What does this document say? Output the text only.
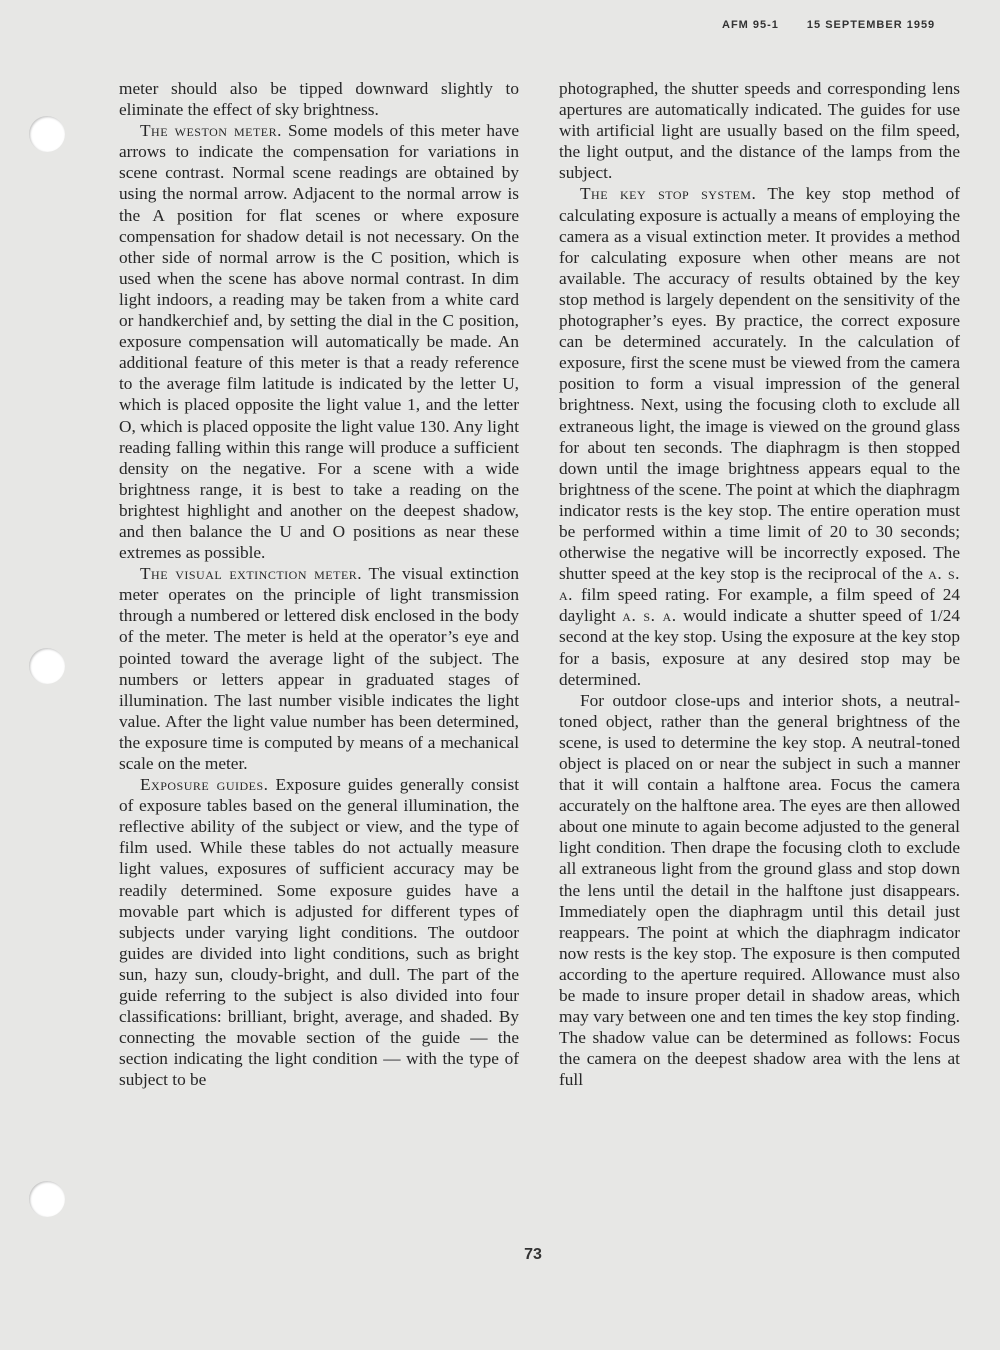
AFM 95-1	15 SEPTEMBER 1959

meter should also be tipped downward slightly to eliminate the effect of sky brightness.

The weston meter. Some models of this meter have arrows to indicate the compensation for variations in scene contrast. Normal scene readings are obtained by using the normal arrow. Adjacent to the normal arrow is the A position for flat scenes or where exposure compensation for shadow detail is not necessary. On the other side of normal arrow is the C position, which is used when the scene has above normal contrast. In dim light indoors, a reading may be taken from a white card or handkerchief and, by setting the dial in the C position, exposure compensation will automatically be made. An additional feature of this meter is that a ready reference to the average film latitude is indicated by the letter U, which is placed opposite the light value 1, and the letter O, which is placed opposite the light value 130. Any light reading falling within this range will produce a sufficient density on the negative. For a scene with a wide brightness range, it is best to take a reading on the brightest highlight and another on the deepest shadow, and then balance the U and O positions as near these extremes as possible.

The visual extinction meter. The visual extinction meter operates on the principle of light transmission through a numbered or lettered disk enclosed in the body of the meter. The meter is held at the operator’s eye and pointed toward the average light of the subject. The numbers or letters appear in graduated stages of illumination. The last number visible indicates the light value. After the light value number has been determined, the exposure time is computed by means of a mechanical scale on the meter.

Exposure guides. Exposure guides generally consist of exposure tables based on the general illumination, the reflective ability of the subject or view, and the type of film used. While these tables do not actually measure light values, exposures of sufficient accuracy may be readily determined. Some exposure guides have a movable part which is adjusted for different types of subjects under varying light conditions. The outdoor guides are divided into light conditions, such as bright sun, hazy sun, cloudy-bright, and dull. The part of the guide referring to the subject is also divided into four classifications: brilliant, bright, average, and shaded. By connecting the movable section of the guide — the section indicating the light condition — with the type of subject to be

photographed, the shutter speeds and corresponding lens apertures are automatically indicated. The guides for use with artificial light are usually based on the film speed, the light output, and the distance of the lamps from the subject.

The key stop system. The key stop method of calculating exposure is actually a means of employing the camera as a visual extinction meter. It provides a method for calculating exposure when other means are not available. The accuracy of results obtained by the key stop method is largely dependent on the sensitivity of the photographer’s eyes. By practice, the correct exposure can be determined accurately. In the calculation of exposure, first the scene must be viewed from the camera position to form a visual impression of the general brightness. Next, using the focusing cloth to exclude all extraneous light, the image is viewed on the ground glass for about ten seconds. The diaphragm is then stopped down until the image brightness appears equal to the brightness of the scene. The point at which the diaphragm indicator rests is the key stop. The entire operation must be performed within a time limit of 20 to 30 seconds; otherwise the negative will be incorrectly exposed. The shutter speed at the key stop is the reciprocal of the a. s. a. film speed rating. For example, a film speed of 24 daylight a. s. a. would indicate a shutter speed of 1/24 second at the key stop. Using the exposure at the key stop for a basis, exposure at any desired stop may be determined.

For outdoor close-ups and interior shots, a neutral-toned object, rather than the general brightness of the scene, is used to determine the key stop. A neutral-toned object is placed on or near the subject in such a manner that it will contain a halftone area. Focus the camera accurately on the halftone area. The eyes are then allowed about one minute to again become adjusted to the general light condition. Then drape the focusing cloth to exclude all extraneous light from the ground glass and stop down the lens until the detail in the halftone just disappears. Immediately open the diaphragm until this detail just reappears. The point at which the diaphragm indicator now rests is the key stop. The exposure is then computed according to the aperture required. Allowance must also be made to insure proper detail in shadow areas, which may vary between one and ten times the key stop finding. The shadow value can be determined as follows: Focus the camera on the deepest shadow area with the lens at full

73
